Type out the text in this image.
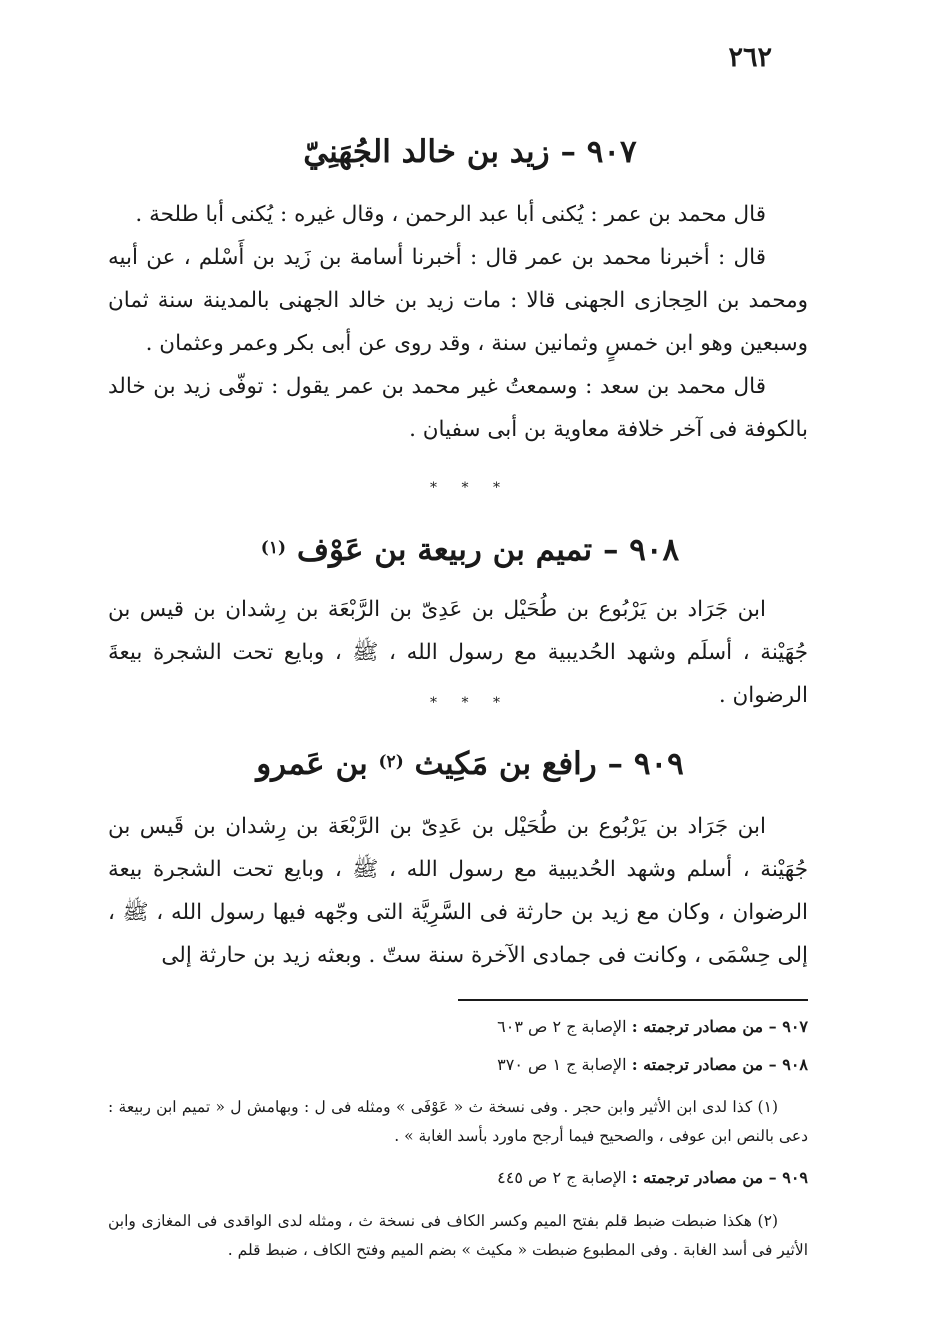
٢٦٢
٩٠٧ – زيد بن خالد الجُهَنِيّ
قال محمد بن عمر : يُكنى أبا عبد الرحمن ، وقال غيره : يُكنى أبا طلحة .
قال : أخبرنا محمد بن عمر قال : أخبرنا أسامة بن زَيد بن أَسْلم ، عن أبيه ومحمد بن الحِجازى الجهنى قالا : مات زيد بن خالد الجهنى بالمدينة سنة ثمان وسبعين وهو ابن خمسٍ وثمانين سنة ، وقد روى عن أبى بكر وعمر وعثمان .
قال محمد بن سعد : وسمعتُ غير محمد بن عمر يقول : توفّى زيد بن خالد بالكوفة فى آخر خلافة معاوية بن أبى سفيان .
* * *
٩٠٨ – تميم بن ربيعة بن عَوْف $^{(١)}$
ابن جَرَاد بن يَرْبُوع بن طُحَيْل بن عَدِىّ بن الرَّبْعَة بن رِشدان بن قيس بن جُهَيْنة ، أسلَم وشهد الحُديبية مع رسول الله ، ﷺ ، وبايع تحت الشجرة بيعةَ الرضوان .
* * *
٩٠٩ – رافع بن مَكِيث $^{(٢)}$ بن عَمرو
ابن جَرَاد بن يَرْبُوع بن طُحَيْل بن عَدِىّ بن الرَّبْعَة بن رِشدان بن قَيس بن جُهَيْنة ، أسلم وشهد الحُديبية مع رسول الله ، ﷺ ، وبايع تحت الشجرة بيعة الرضوان ، وكان مع زيد بن حارثة فى السَّرِيَّة التى وجّهه فيها رسول الله ، ﷺ ، إلى حِسْمَى ، وكانت فى جمادى الآخرة سنة ستّ . وبعثه زيد بن حارثة إلى
٩٠٧ – من مصادر ترجمته : الإصابة ج ٢ ص ٦٠٣
٩٠٨ – من مصادر ترجمته : الإصابة ج ١ ص ٣٧٠
(١) كذا لدى ابن الأثير وابن حجر . وفى نسخة ث « عَوْفَى » ومثله فى ل : وبهامش ل « تميم ابن ربيعة : دعى بالنص ابن عوفى ، والصحيح فيما أرجح ماورد بأسد الغابة » .
٩٠٩ – من مصادر ترجمته : الإصابة ج ٢ ص ٤٤٥
(٢) هكذا ضبطت ضبط قلم بفتح الميم وكسر الكاف فى نسخة ث ، ومثله لدى الواقدى فى المغازى وابن الأثير فى أسد الغابة . وفى المطبوع ضبطت « مكيث » بضم الميم وفتح الكاف ، ضبط قلم .
